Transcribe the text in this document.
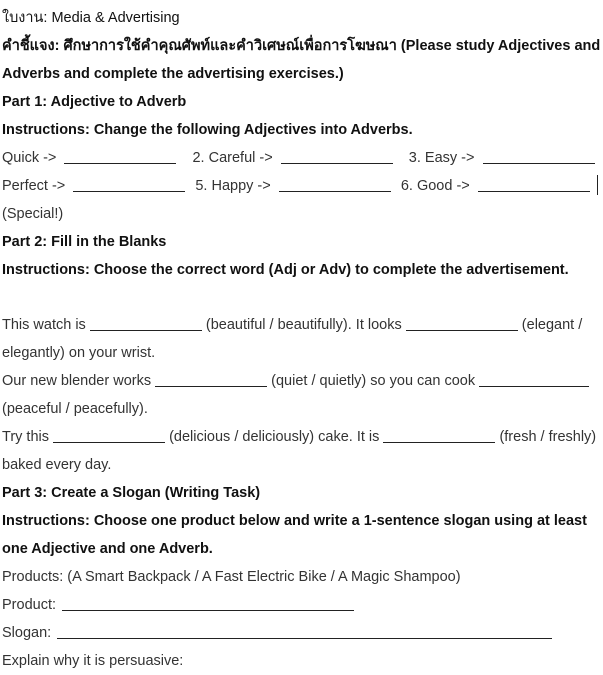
ใบงาน: Media & Advertising
คำชี้แจง: ศึกษาการใช้คำคุณศัพท์และคำวิเศษณ์เพื่อการโฆษณา (Please study Adjectives and
Adverbs and complete the advertising exercises.)
Part 1: Adjective to Adverb
Instructions: Change the following Adjectives into Adverbs.
Quick ->	2. Careful ->	3. Easy ->
Perfect ->	5. Happy ->	6. Good ->
(Special!)
Part 2: Fill in the Blanks
Instructions: Choose the correct word (Adj or Adv) to complete the advertisement.
This watch is	(beautiful / beautifully). It looks	(elegant /
elegantly) on your wrist.
Our new blender works	(quiet / quietly) so you can cook
(peaceful / peacefully).
Try this	(delicious / deliciously) cake. It is	(fresh / freshly)
baked every day.
Part 3: Create a Slogan (Writing Task)
Instructions: Choose one product below and write a 1-sentence slogan using at least
one Adjective and one Adverb.
Products: (A Smart Backpack / A Fast Electric Bike / A Magic Shampoo)
Product:
Slogan:
Explain why it is persuasive:
